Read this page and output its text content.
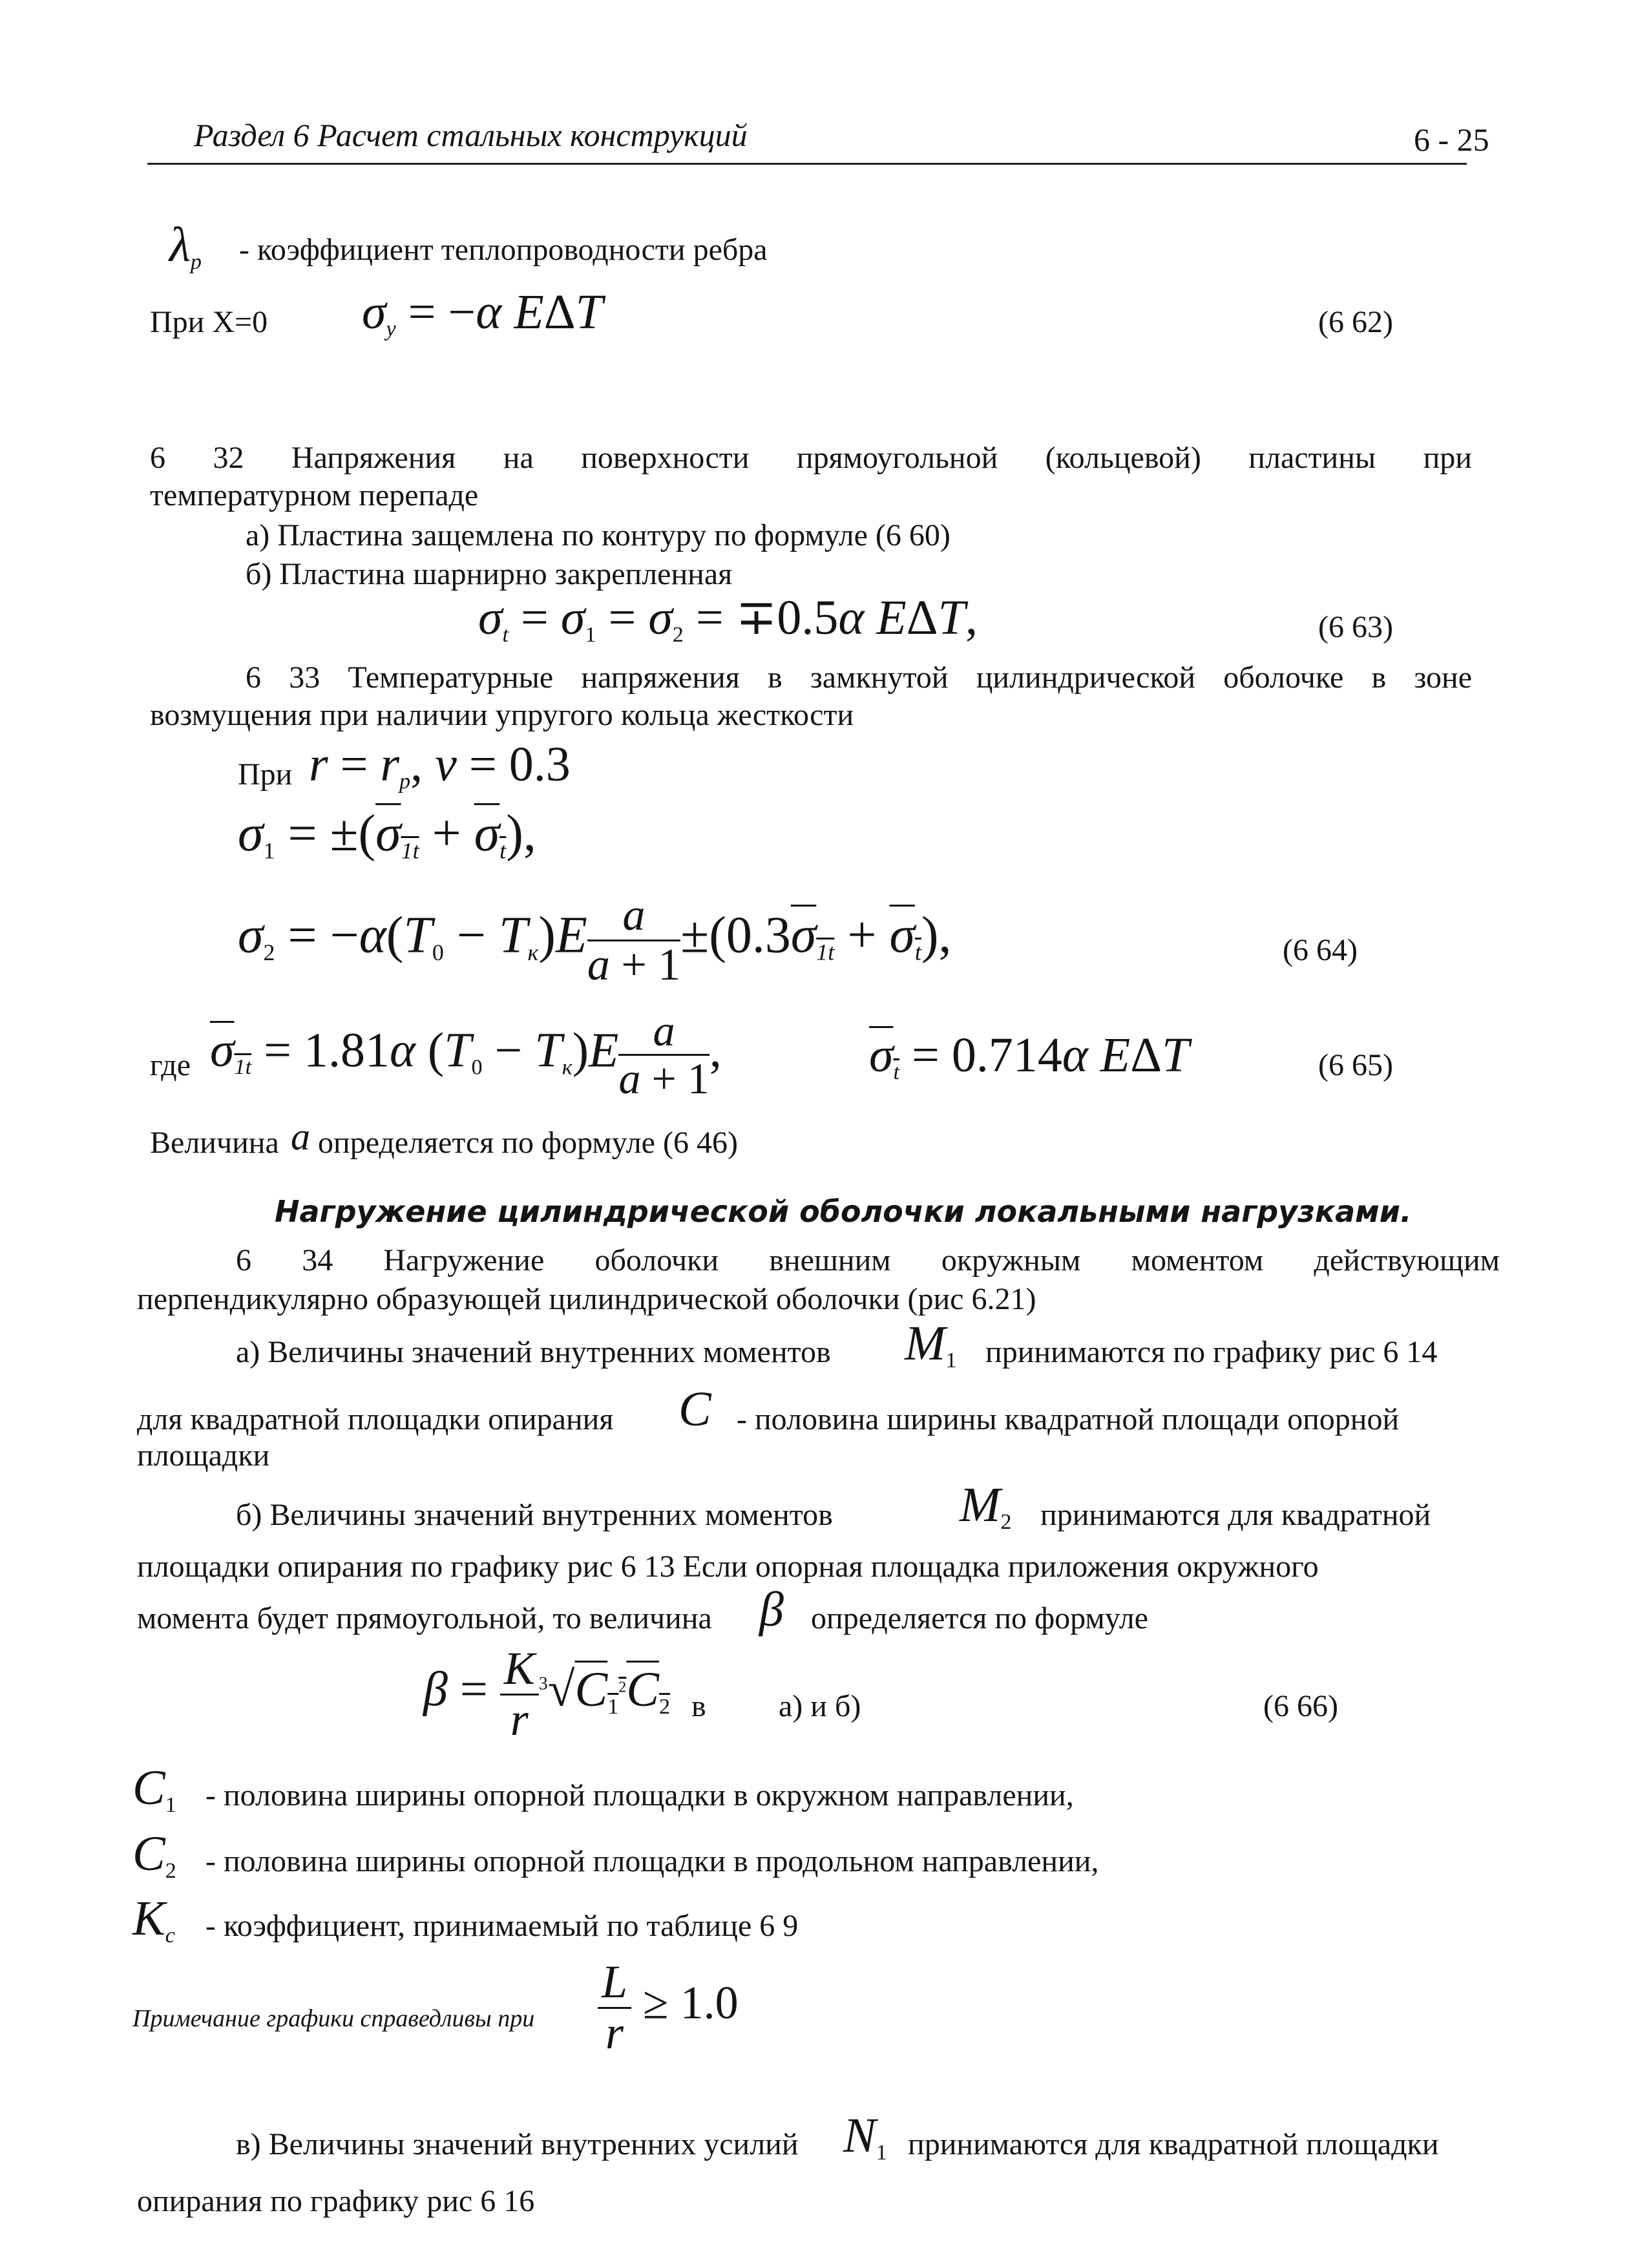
Раздел 6 Расчет стальных конструкций	6 - 25
$\lambda_р$ - коэффициент теплопроводности ребра
При X=0 $\sigma_у = -\alpha$ EΔT	(6 62)
6 32 Напряжения на поверхности прямоугольной (кольцевой) пластины при
температурном перепаде
а) Пластина защемлена по контуру по формуле (6 60)
б) Пластина шарнирно закрепленная
$\sigma_t = \sigma_1 = \sigma_2 = \mp 0.5\alpha$ EΔT,	(6 63)
6 33 Температурные напряжения в замкнутой цилиндрической оболочке в зоне
возмущения при наличии упругого кольца жесткости
При $r = r_р$, ν = 0.3
$\sigma_1 = \pm(\sigma_{1t} + \sigma_t)$,
$\sigma_2 = -\alpha(T_0 - T_к)E \frac{a}{a + 1} \pm(0.3\sigma_{1t} + \sigma_t)$,	(6 64)
где $\sigma_{1t} = 1.81\alpha$ $(T_0 - T_к)E \frac{a}{a + 1}$ ,	$\sigma_t = 0.714\alpha$ EΔT	(6 65)
Величина a определяется по формуле (6 46)
Нагружение цилиндрической оболочки локальными нагрузками.
6 34 Нагружение оболочки внешним окружным моментом действующим
перпендикулярно образующей цилиндрической оболочки (рис 6.21)
а) Величины значений внутренних моментов $M_1$ принимаются по графику рис 6 14
для квадратной площадки опирания C - половина ширины квадратной площади опорной
площадки
б) Величины значений внутренних моментов	$M_2$ принимаются для квадратной
площадки опирания по графику рис 6 13 Если опорная площадка приложения окружного
момента будет прямоугольной, то величина β определяется по формуле
$\beta = \frac{K}{r} ^3√C_1^2C_2$ в а) и б)	(6 66)
$C_1$ - половина ширины опорной площадки в окружном направлении,
$C_2$ - половина ширины опорной площадки в продольном направлении,
$K_c$ - коэффициент, принимаемый по таблице 6 9
Примечание графики справедливы при $\frac{L}{r} \ge 1.0$
в) Величины значений внутренних усилий $N_1$ принимаются для квадратной площадки
опирания по графику рис 6 16
